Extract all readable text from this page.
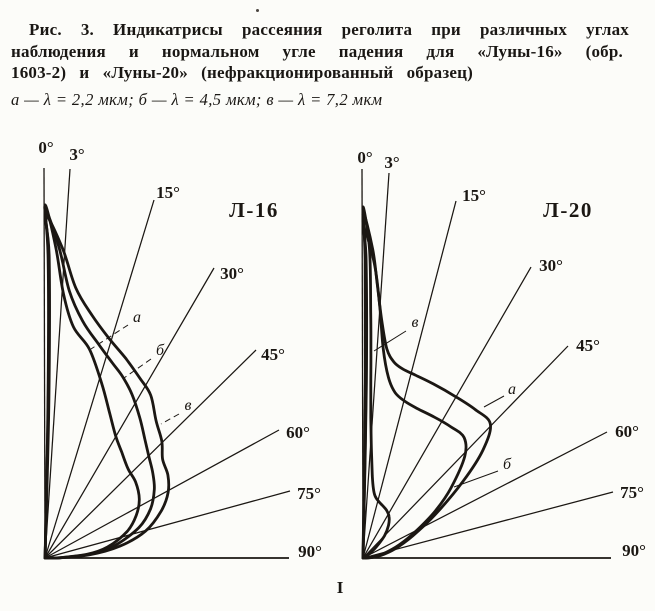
3°
15°
30°
45°
60°
75°
0°
90°
Л-16
а
б
в
3°
15°
30°
45°
60°
75°
0°
90°
Л-20
а
б
в
Рис. 3. Индикатрисы рассеяния реголита при различных углах
наблюдения и нормальном угле падения для «Луны-16» (обр.
1603-2) и «Луны-20» (нефракционированный образец)
а — λ = 2,2 мкм; б — λ = 4,5 мкм; в — λ = 7,2 мкм
I
